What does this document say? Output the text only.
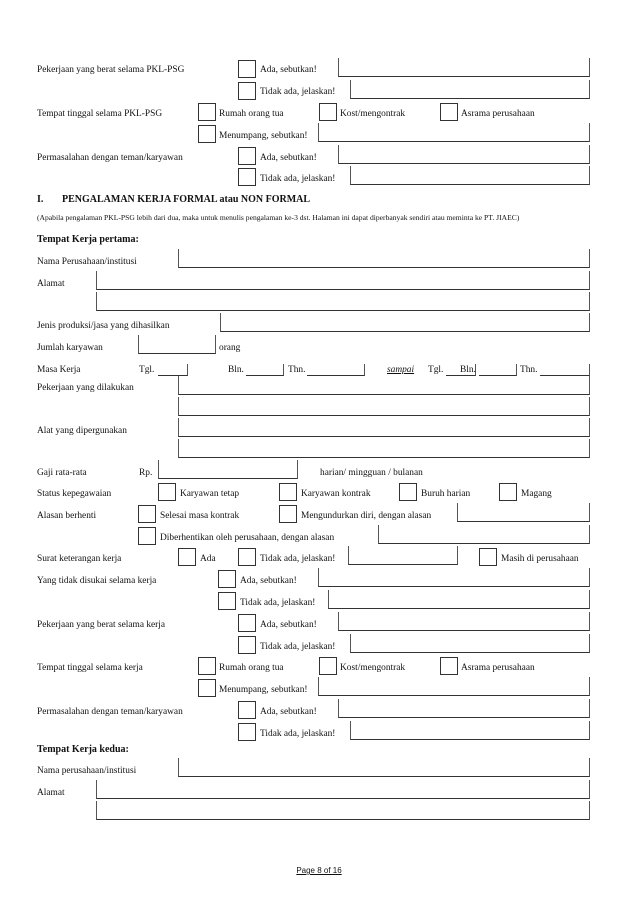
Pekerjaan yang berat selama PKL-PSG	Ada, sebutkan!
Tidak ada, jelaskan!
Tempat tinggal selama PKL-PSG	Rumah orang tua	Kost/mengontrak	Asrama perusahaan
Menumpang, sebutkan!
Permasalahan dengan teman/karyawan	Ada, sebutkan!
Tidak ada, jelaskan!
I. PENGALAMAN KERJA FORMAL atau NON FORMAL
(Apabila pengalaman PKL-PSG lebih dari dua, maka untuk menulis pengalaman ke-3 dst. Halaman ini dapat diperbanyak sendiri atau meminta ke PT. JIAEC)
Tempat Kerja pertama:
Nama Perusahaan/institusi
Alamat
Jenis produksi/jasa yang dihasilkan
Jumlah karyawan	orang
Masa Kerja	Tgl.	Bln.	Thn.	sampai Tgl. Bln.	Thn.
Pekerjaan yang dilakukan
Alat yang dipergunakan
Gaji rata-rata	Rp.	harian/ mingguan / bulanan
Status kepegawaian	Karyawan tetap	Karyawan kontrak	Buruh harian	Magang
Alasan berhenti	Selesai masa kontrak	Mengundurkan diri, dengan alasan
Diberhentikan oleh perusahaan, dengan alasan
Surat keterangan kerja	Ada	Tidak ada, jelaskan!	Masih di perusahaan
Yang tidak disukai selama kerja	Ada, sebutkan!
Tidak ada, jelaskan!
Pekerjaan yang berat selama kerja	Ada, sebutkan!
Tidak ada, jelaskan!
Tempat tinggal selama kerja	Rumah orang tua	Kost/mengontrak	Asrama perusahaan
Menumpang, sebutkan!
Permasalahan dengan teman/karyawan	Ada, sebutkan!
Tidak ada, jelaskan!
Tempat Kerja kedua:
Nama perusahaan/institusi
Alamat
Page 8 of 16
